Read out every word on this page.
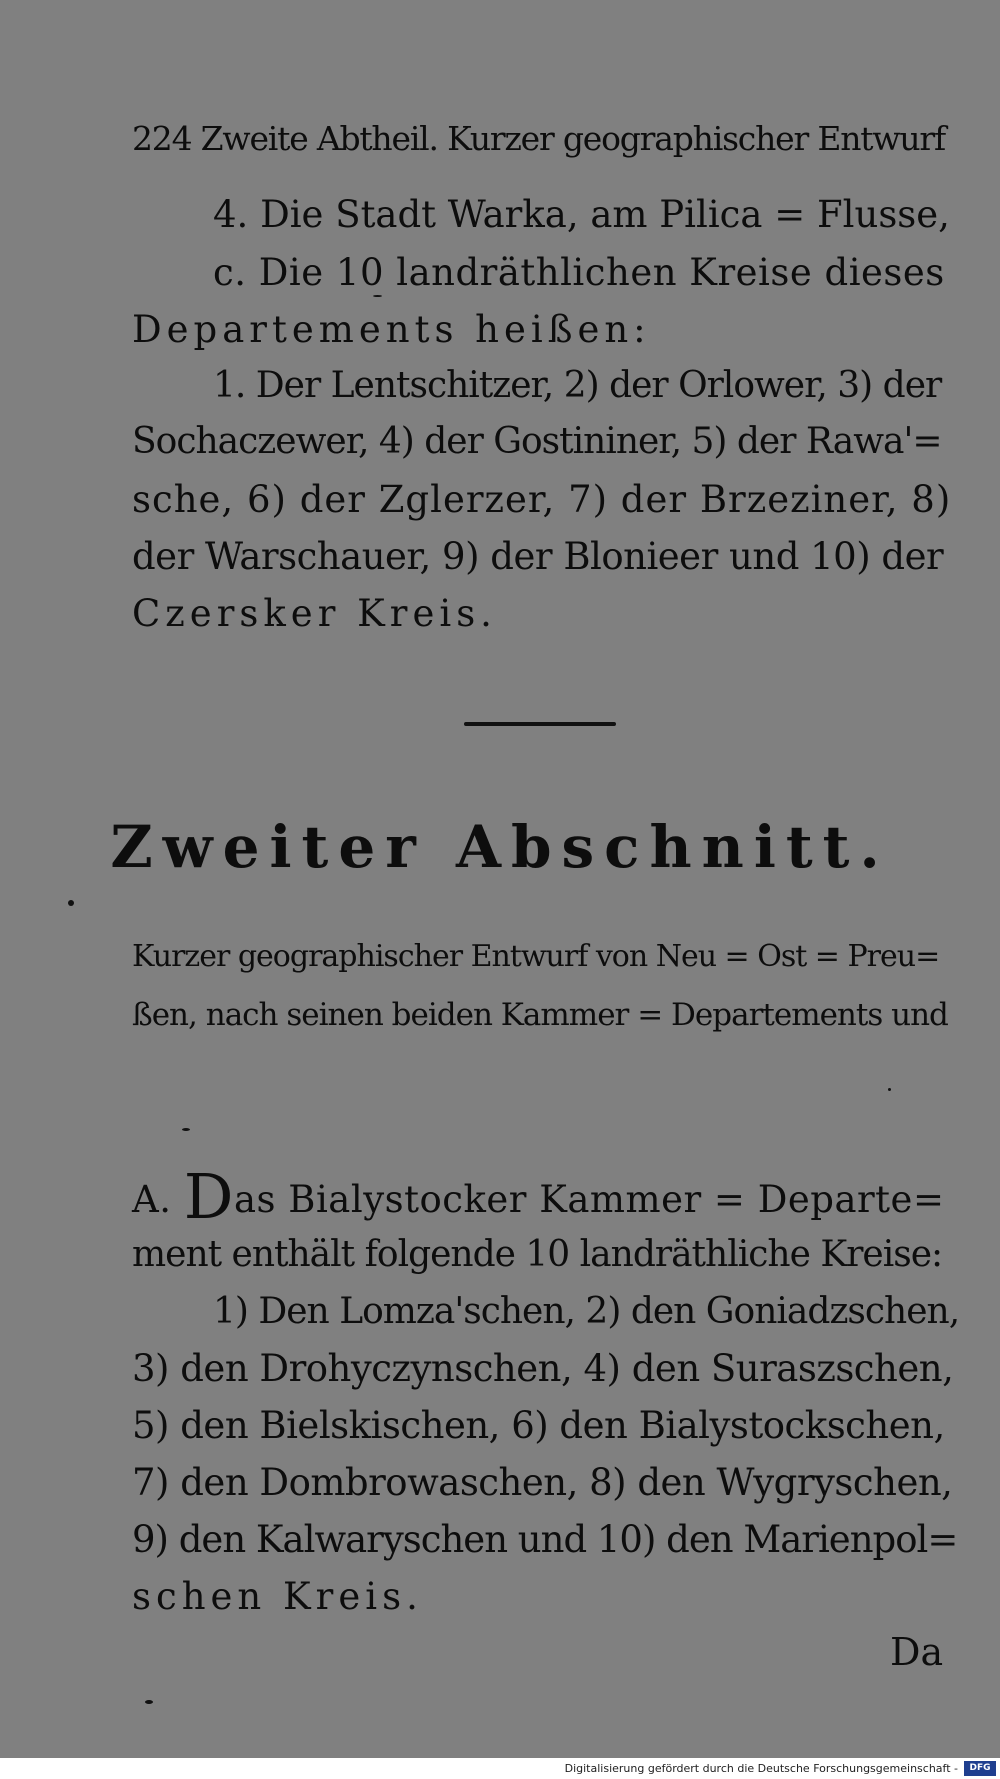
224 Zweite Abtheil. Kurzer geographischer Entwurf
4. Die Stadt Warka, am Pilica = Flusse,
c. Die 10 landräthlichen Kreise dieses
Departements heißen:
1. Der Lentschitzer, 2) der Orlower, 3) der
Sochaczewer, 4) der Gostininer, 5) der Rawa'=
sche, 6) der Zglerzer, 7) der Brzeziner, 8)
der Warschauer, 9) der Blonieer und 10) der
Czersker Kreis.
Zweiter Abschnitt.
Kurzer geographischer Entwurf von Neu = Ost = Preu=
ßen, nach seinen beiden Kammer = Departements und
A. Das Bialystocker Kammer = Departe=
ment enthält folgende 10 landräthliche Kreise:
1) Den Lomza'schen, 2) den Goniadzschen,
3) den Drohyczynschen, 4) den Suraszschen,
5) den Bielskischen, 6) den Bialystockschen,
7) den Dombrowaschen, 8) den Wygryschen,
9) den Kalwaryschen und 10) den Marienpol=
schen Kreis.
Da
Digitalisierung gefördert durch die Deutsche Forschungsgemeinschaft -	DFG
